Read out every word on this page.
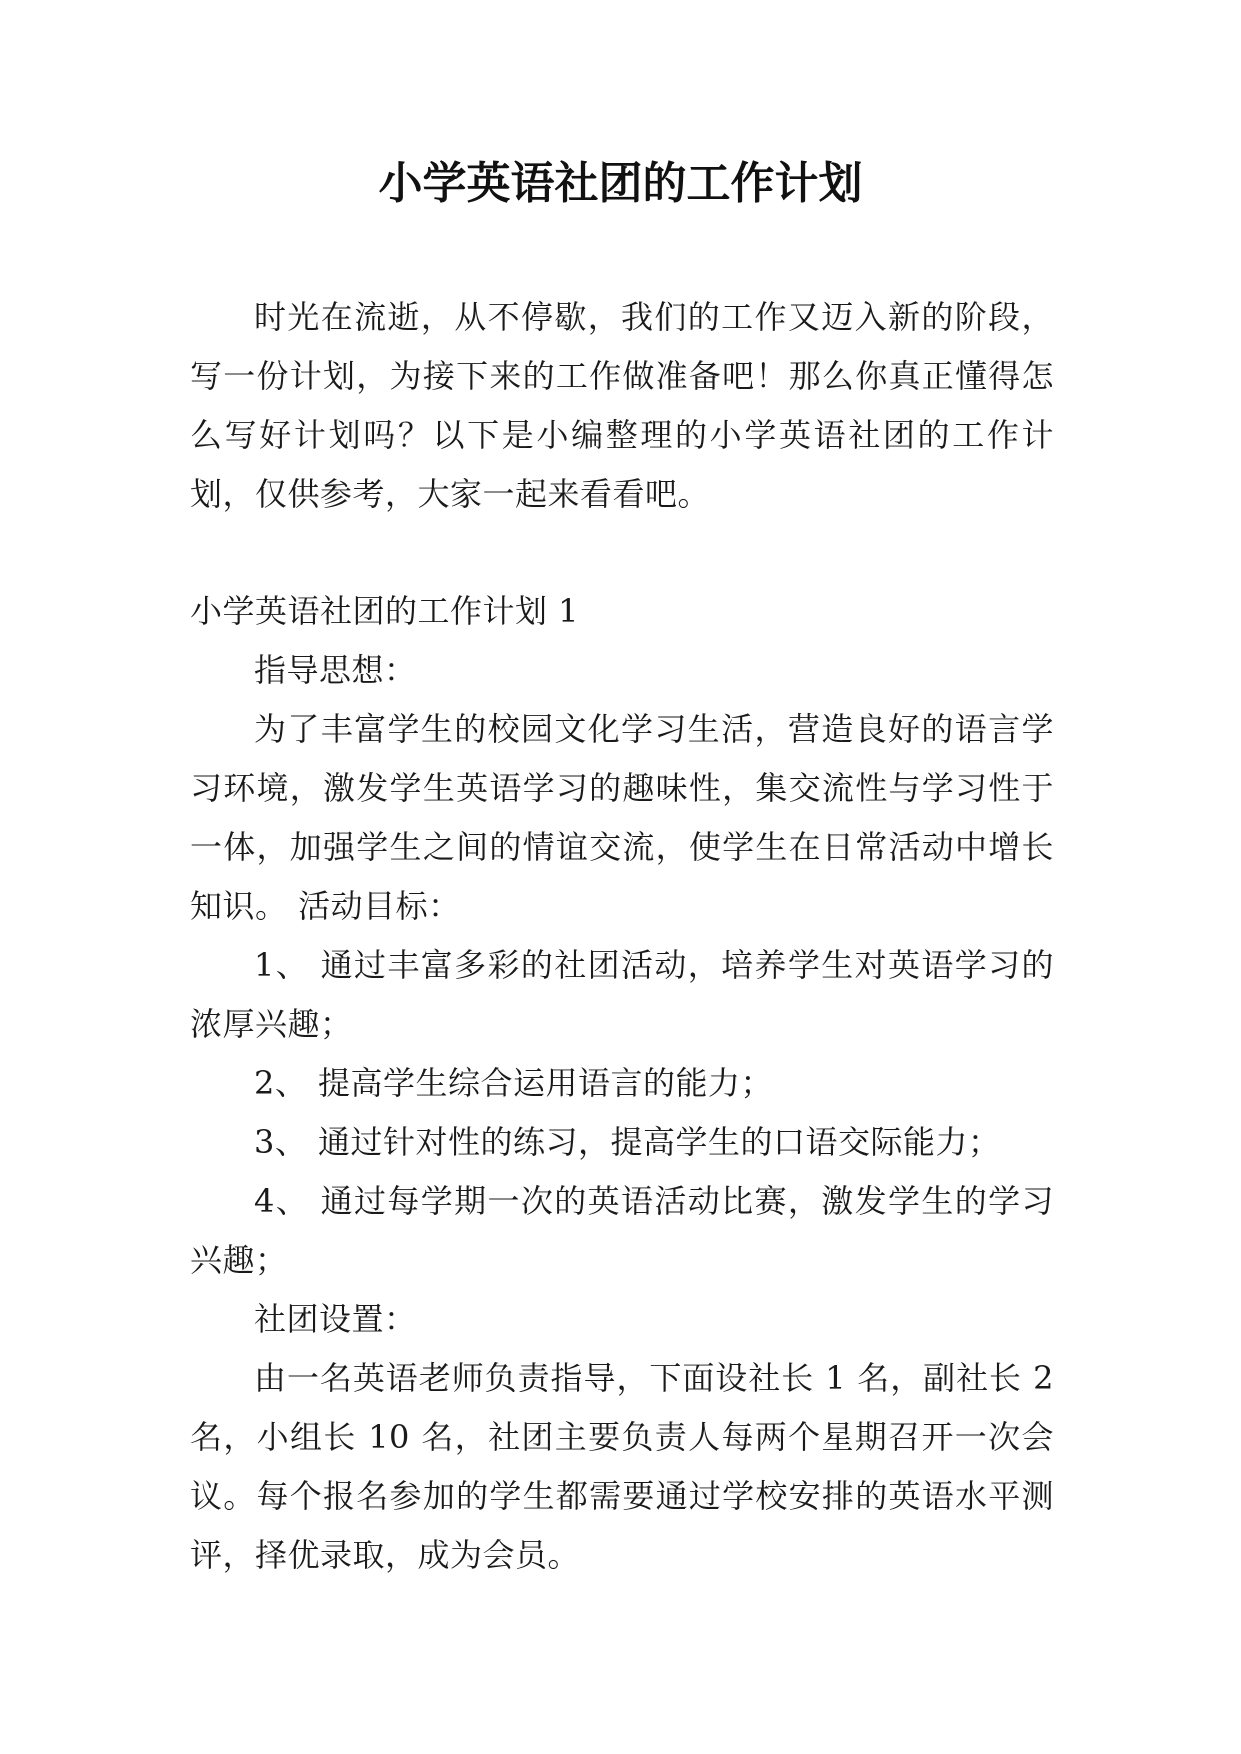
小学英语社团的工作计划

时光在流逝，从不停歇，我们的工作又迈入新的阶段，写一份计划，为接下来的工作做准备吧！那么你真正懂得怎么写好计划吗？以下是小编整理的小学英语社团的工作计划，仅供参考，大家一起来看看吧。

小学英语社团的工作计划 1

指导思想：

为了丰富学生的校园文化学习生活，营造良好的语言学习环境，激发学生英语学习的趣味性，集交流性与学习性于一体，加强学生之间的情谊交流，使学生在日常活动中增长知识。 活动目标：

1、 通过丰富多彩的社团活动，培养学生对英语学习的浓厚兴趣；

2、 提高学生综合运用语言的能力；

3、 通过针对性的练习，提高学生的口语交际能力；

4、 通过每学期一次的英语活动比赛，激发学生的学习兴趣；

社团设置：

由一名英语老师负责指导，下面设社长 1 名，副社长 2 名，小组长 10 名，社团主要负责人每两个星期召开一次会议。每个报名参加的学生都需要通过学校安排的英语水平测评，择优录取，成为会员。
